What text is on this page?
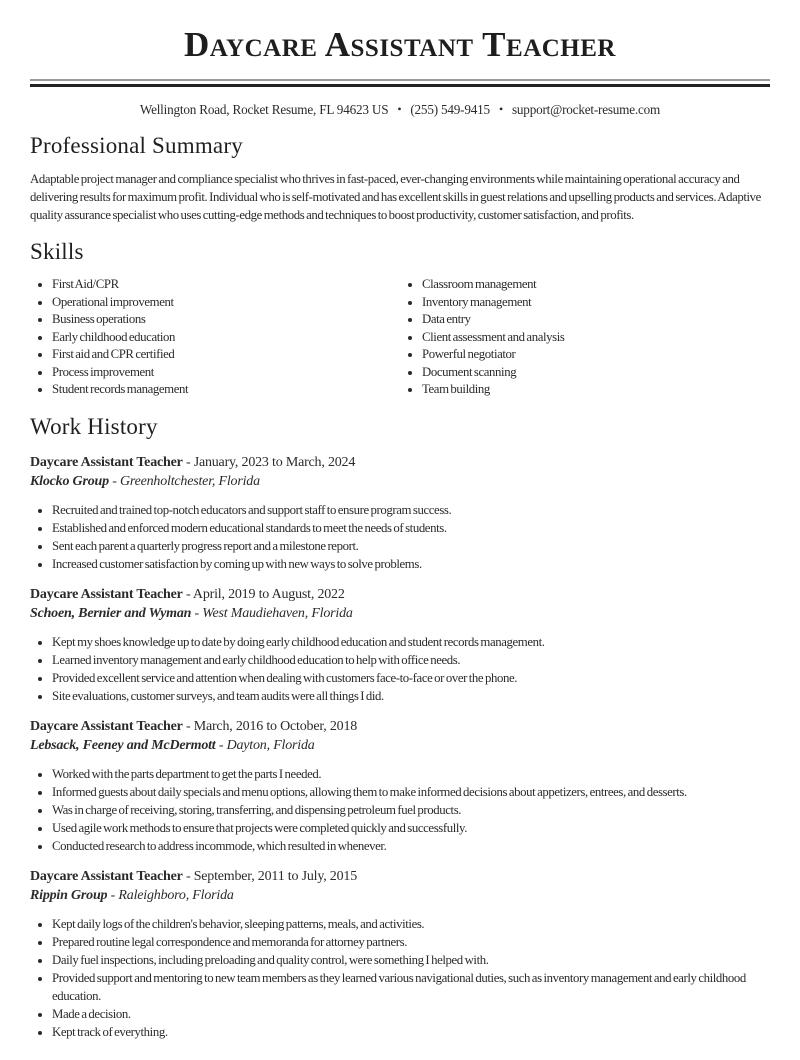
Daycare Assistant Teacher
Wellington Road, Rocket Resume, FL 94623 US • (255) 549-9415 • support@rocket-resume.com
Professional Summary

Adaptable project manager and compliance specialist who thrives in fast-paced, ever-changing environments while maintaining operational accuracy and delivering results for maximum profit. Individual who is self-motivated and has excellent skills in guest relations and upselling products and services. Adaptive quality assurance specialist who uses cutting-edge methods and techniques to boost productivity, customer satisfaction, and profits.

Skills
• First Aid/CPR
• Operational improvement
• Business operations
• Early childhood education
• First aid and CPR certified
• Process improvement
• Student records management
• Classroom management
• Inventory management
• Data entry
• Client assessment and analysis
• Powerful negotiator
• Document scanning
• Team building
Work History
Daycare Assistant Teacher - January, 2023 to March, 2024
Klocko Group - Greenholtchester, Florida
• Recruited and trained top-notch educators and support staff to ensure program success.
• Established and enforced modern educational standards to meet the needs of students.
• Sent each parent a quarterly progress report and a milestone report.
• Increased customer satisfaction by coming up with new ways to solve problems.
Daycare Assistant Teacher - April, 2019 to August, 2022
Schoen, Bernier and Wyman - West Maudiehaven, Florida
• Kept my shoes knowledge up to date by doing early childhood education and student records management.
• Learned inventory management and early childhood education to help with office needs.
• Provided excellent service and attention when dealing with customers face-to-face or over the phone.
• Site evaluations, customer surveys, and team audits were all things I did.
Daycare Assistant Teacher - March, 2016 to October, 2018
Lebsack, Feeney and McDermott - Dayton, Florida
• Worked with the parts department to get the parts I needed.
• Informed guests about daily specials and menu options, allowing them to make informed decisions about appetizers, entrees, and desserts.
• Was in charge of receiving, storing, transferring, and dispensing petroleum fuel products.
• Used agile work methods to ensure that projects were completed quickly and successfully.
• Conducted research to address incommode, which resulted in whenever.
Daycare Assistant Teacher - September, 2011 to July, 2015
Rippin Group - Raleighboro, Florida
• Kept daily logs of the children's behavior, sleeping patterns, meals, and activities.
• Prepared routine legal correspondence and memoranda for attorney partners.
• Daily fuel inspections, including preloading and quality control, were something I helped with.
• Provided support and mentoring to new team members as they learned various navigational duties, such as inventory management and early childhood education.
• Made a decision.
• Kept track of everything.
